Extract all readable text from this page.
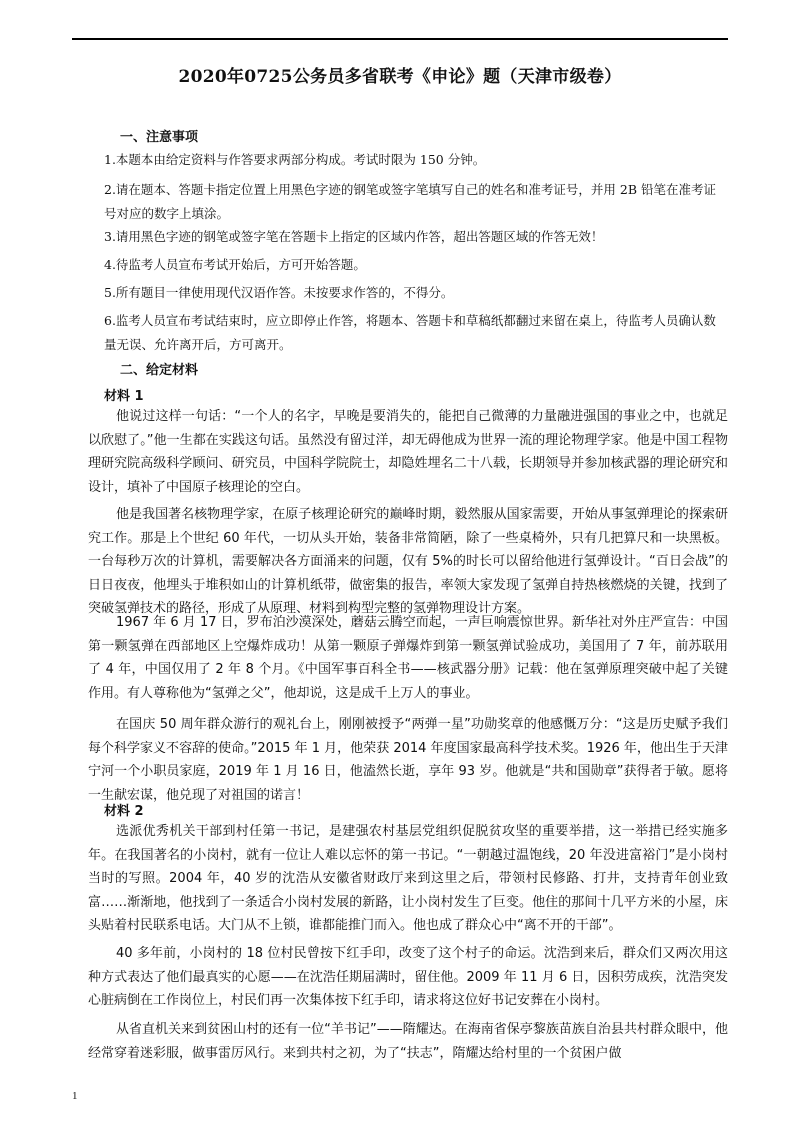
2020年0725公务员多省联考《申论》题（天津市级卷）
一、注意事项
1.本题本由给定资料与作答要求两部分构成。考试时限为 150 分钟。
2.请在题本、答题卡指定位置上用黑色字迹的钢笔或签字笔填写自己的姓名和准考证号，并用 2B 铅笔在准考证号对应的数字上填涂。
3.请用黑色字迹的钢笔或签字笔在答题卡上指定的区域内作答，超出答题区域的作答无效！
4.待监考人员宣布考试开始后，方可开始答题。
5.所有题目一律使用现代汉语作答。未按要求作答的，不得分。
6.监考人员宣布考试结束时，应立即停止作答，将题本、答题卡和草稿纸都翻过来留在桌上，待监考人员确认数量无误、允许离开后，方可离开。
二、给定材料
材料 1
他说过这样一句话：“一个人的名字，早晚是要消失的，能把自己微薄的力量融进强国的事业之中，也就足以欣慰了。”他一生都在实践这句话。虽然没有留过洋，却无碍他成为世界一流的理论物理学家。他是中国工程物理研究院高级科学顾问、研究员，中国科学院院士，却隐姓埋名二十八载，长期领导并参加核武器的理论研究和设计，填补了中国原子核理论的空白。
他是我国著名核物理学家，在原子核理论研究的巅峰时期，毅然服从国家需要，开始从事氢弹理论的探索研究工作。那是上个世纪 60 年代，一切从头开始，装备非常简陋，除了一些桌椅外，只有几把算尺和一块黑板。一台每秒万次的计算机，需要解决各方面涌来的问题，仅有 5%的时长可以留给他进行氢弹设计。“百日会战”的日日夜夜，他埋头于堆积如山的计算机纸带，做密集的报告，率领大家发现了氢弹自持热核燃烧的关键，找到了突破氢弹技术的路径，形成了从原理、材料到构型完整的氢弹物理设计方案。
1967 年 6 月 17 日，罗布泊沙漠深处，蘑菇云腾空而起，一声巨响震惊世界。新华社对外庄严宣告：中国第一颗氢弹在西部地区上空爆炸成功！从第一颗原子弹爆炸到第一颗氢弹试验成功，美国用了 7 年，前苏联用了 4 年，中国仅用了 2 年 8 个月。《中国军事百科全书——核武器分册》记载：他在氢弹原理突破中起了关键作用。有人尊称他为“氢弹之父”，他却说，这是成千上万人的事业。
在国庆 50 周年群众游行的观礼台上，刚刚被授予“两弹一星”功勋奖章的他感慨万分：“这是历史赋予我们每个科学家义不容辞的使命。”2015 年 1 月，他荣获 2014 年度国家最高科学技术奖。1926 年，他出生于天津宁河一个小职员家庭，2019 年 1 月 16 日，他溘然长逝，享年 93 岁。他就是“共和国勋章”获得者于敏。愿将一生献宏谋，他兑现了对祖国的诺言！
材料 2
选派优秀机关干部到村任第一书记，是建强农村基层党组织促脱贫攻坚的重要举措，这一举措已经实施多年。在我国著名的小岗村，就有一位让人难以忘怀的第一书记。“一朝越过温饱线，20 年没进富裕门”是小岗村当时的写照。2004 年，40 岁的沈浩从安徽省财政厅来到这里之后，带领村民修路、打井，支持青年创业致富……渐渐地，他找到了一条适合小岗村发展的新路，让小岗村发生了巨变。他住的那间十几平方米的小屋，床头贴着村民联系电话。大门从不上锁，谁都能推门而入。他也成了群众心中“离不开的干部”。
40 多年前，小岗村的 18 位村民曾按下红手印，改变了这个村子的命运。沈浩到来后，群众们又两次用这种方式表达了他们最真实的心愿——在沈浩任期届满时，留住他。2009 年 11 月 6 日，因积劳成疾，沈浩突发心脏病倒在工作岗位上，村民们再一次集体按下红手印，请求将这位好书记安葬在小岗村。
从省直机关来到贫困山村的还有一位“羊书记”——隋耀达。在海南省保亭黎族苗族自治县共村群众眼中，他经常穿着迷彩服，做事雷厉风行。来到共村之初，为了“扶志”，隋耀达给村里的一个贫困户做
1
